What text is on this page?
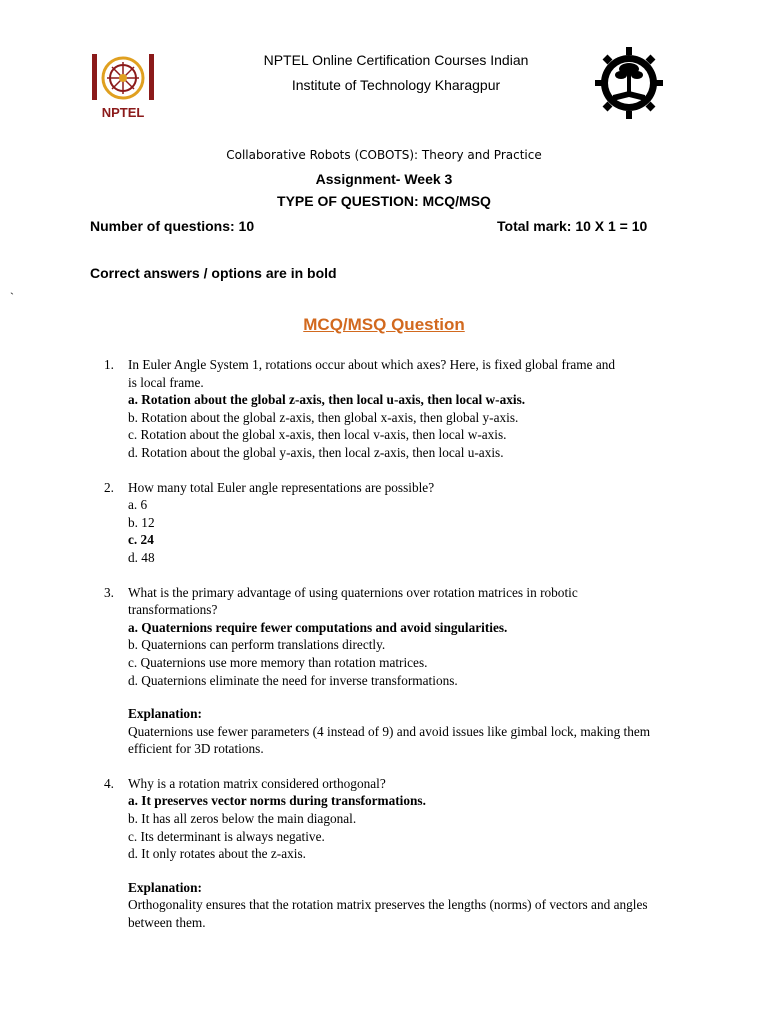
NPTEL
NPTEL Online Certification Courses Indian
Institute of Technology Kharagpur
Collaborative Robots (COBOTS): Theory and Practice
Assignment- Week 3
TYPE OF QUESTION: MCQ/MSQ
Number of questions: 10	Total mark: 10 X 1 = 10
Correct answers / options are in bold
`
MCQ/MSQ Question
1. In Euler Angle System 1, rotations occur about which axes? Here, is fixed global frame and
is local frame.
a. Rotation about the global z-axis, then local u-axis, then local w-axis.
b. Rotation about the global z-axis, then global x-axis, then global y-axis.
c. Rotation about the global x-axis, then local v-axis, then local w-axis.
d. Rotation about the global y-axis, then local z-axis, then local u-axis.
2. How many total Euler angle representations are possible?
a. 6
b. 12
c. 24
d. 48
3. What is the primary advantage of using quaternions over rotation matrices in robotic
transformations?
a. Quaternions require fewer computations and avoid singularities.
b. Quaternions can perform translations directly.
c. Quaternions use more memory than rotation matrices.
d. Quaternions eliminate the need for inverse transformations.
Explanation:
Quaternions use fewer parameters (4 instead of 9) and avoid issues like gimbal lock, making them
efficient for 3D rotations.
4. Why is a rotation matrix considered orthogonal?
a. It preserves vector norms during transformations.
b. It has all zeros below the main diagonal.
c. Its determinant is always negative.
d. It only rotates about the z-axis.
Explanation:
Orthogonality ensures that the rotation matrix preserves the lengths (norms) of vectors and angles
between them.
